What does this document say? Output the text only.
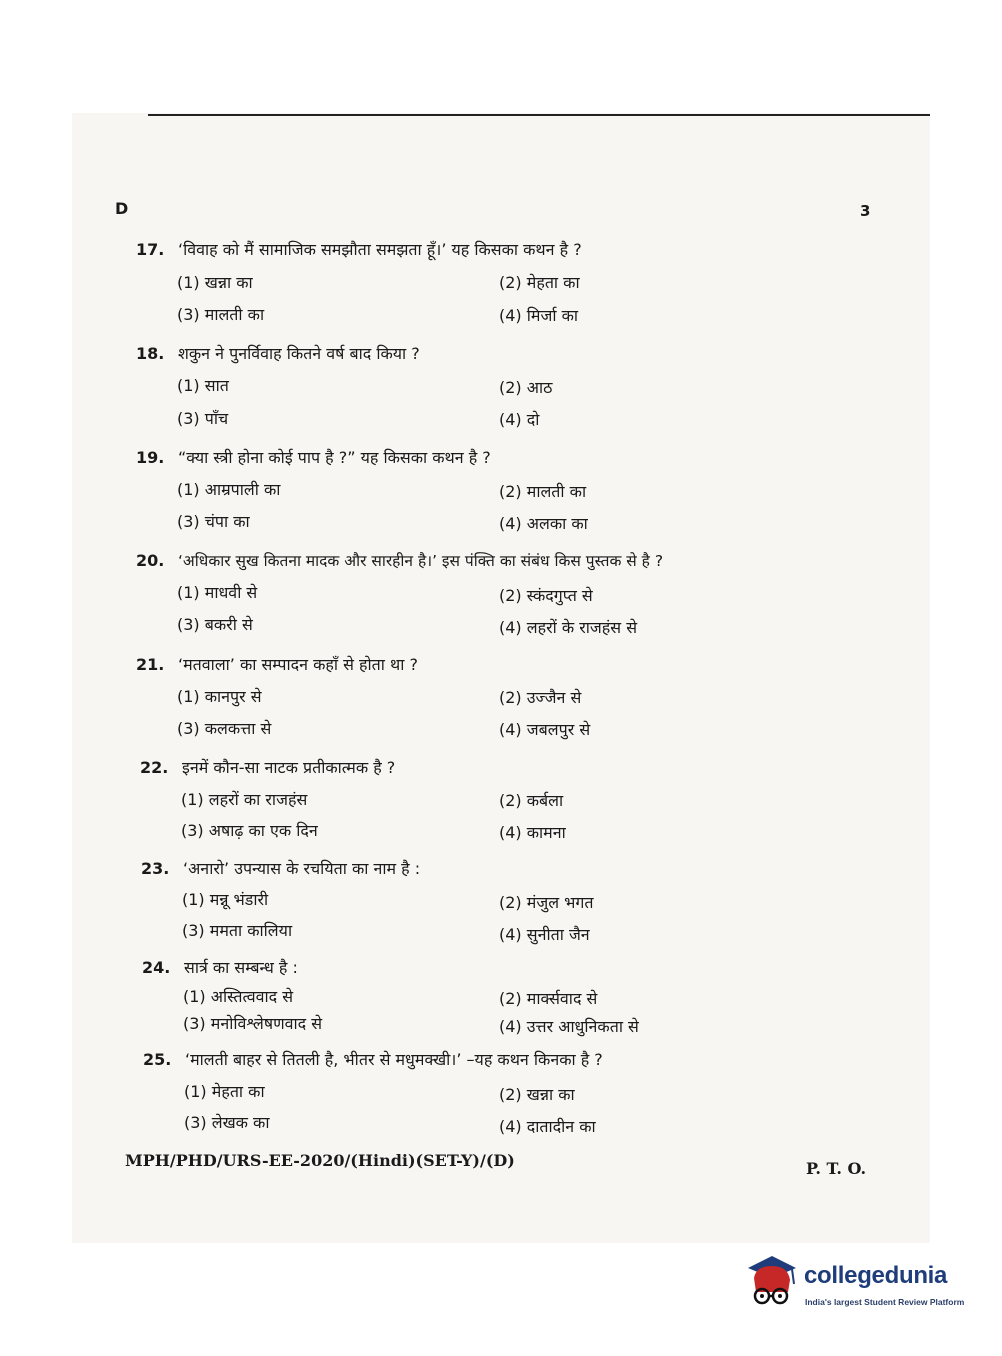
D	3
17. ‘विवाह को मैं सामाजिक समझौता समझता हूँ।’ यह किसका कथन है ?
(1) खन्ना का	(2) मेहता का
(3) मालती का	(4) मिर्जा का
18. शकुन ने पुनर्विवाह कितने वर्ष बाद किया ?
(1) सात	(2) आठ
(3) पाँच	(4) दो
19. “क्या स्त्री होना कोई पाप है ?” यह किसका कथन है ?
(1) आम्रपाली का	(2) मालती का
(3) चंपा का	(4) अलका का
20. ‘अधिकार सुख कितना मादक और सारहीन है।’ इस पंक्ति का संबंध किस पुस्तक से है ?
(1) माधवी से	(2) स्कंदगुप्त से
(3) बकरी से	(4) लहरों के राजहंस से
21. ‘मतवाला’ का सम्पादन कहाँ से होता था ?
(1) कानपुर से	(2) उज्जैन से
(3) कलकत्ता से	(4) जबलपुर से
22. इनमें कौन-सा नाटक प्रतीकात्मक है ?
(1) लहरों का राजहंस	(2) कर्बला
(3) अषाढ़ का एक दिन	(4) कामना
23. ‘अनारो’ उपन्यास के रचयिता का नाम है :
(1) मन्नू भंडारी	(2) मंजुल भगत
(3) ममता कालिया	(4) सुनीता जैन
24. सार्त्र का सम्बन्ध है :
(1) अस्तित्ववाद से	(2) मार्क्सवाद से
(3) मनोविश्लेषणवाद से	(4) उत्तर आधुनिकता से
25. ‘मालती बाहर से तितली है, भीतर से मधुमक्खी।’ –यह कथन किनका है ?
(1) मेहता का	(2) खन्ना का
(3) लेखक का	(4) दातादीन का
MPH/PHD/URS-EE-2020/(Hindi)(SET-Y)/(D)	P. T. O.
collegedunia
India's largest Student Review Platform
